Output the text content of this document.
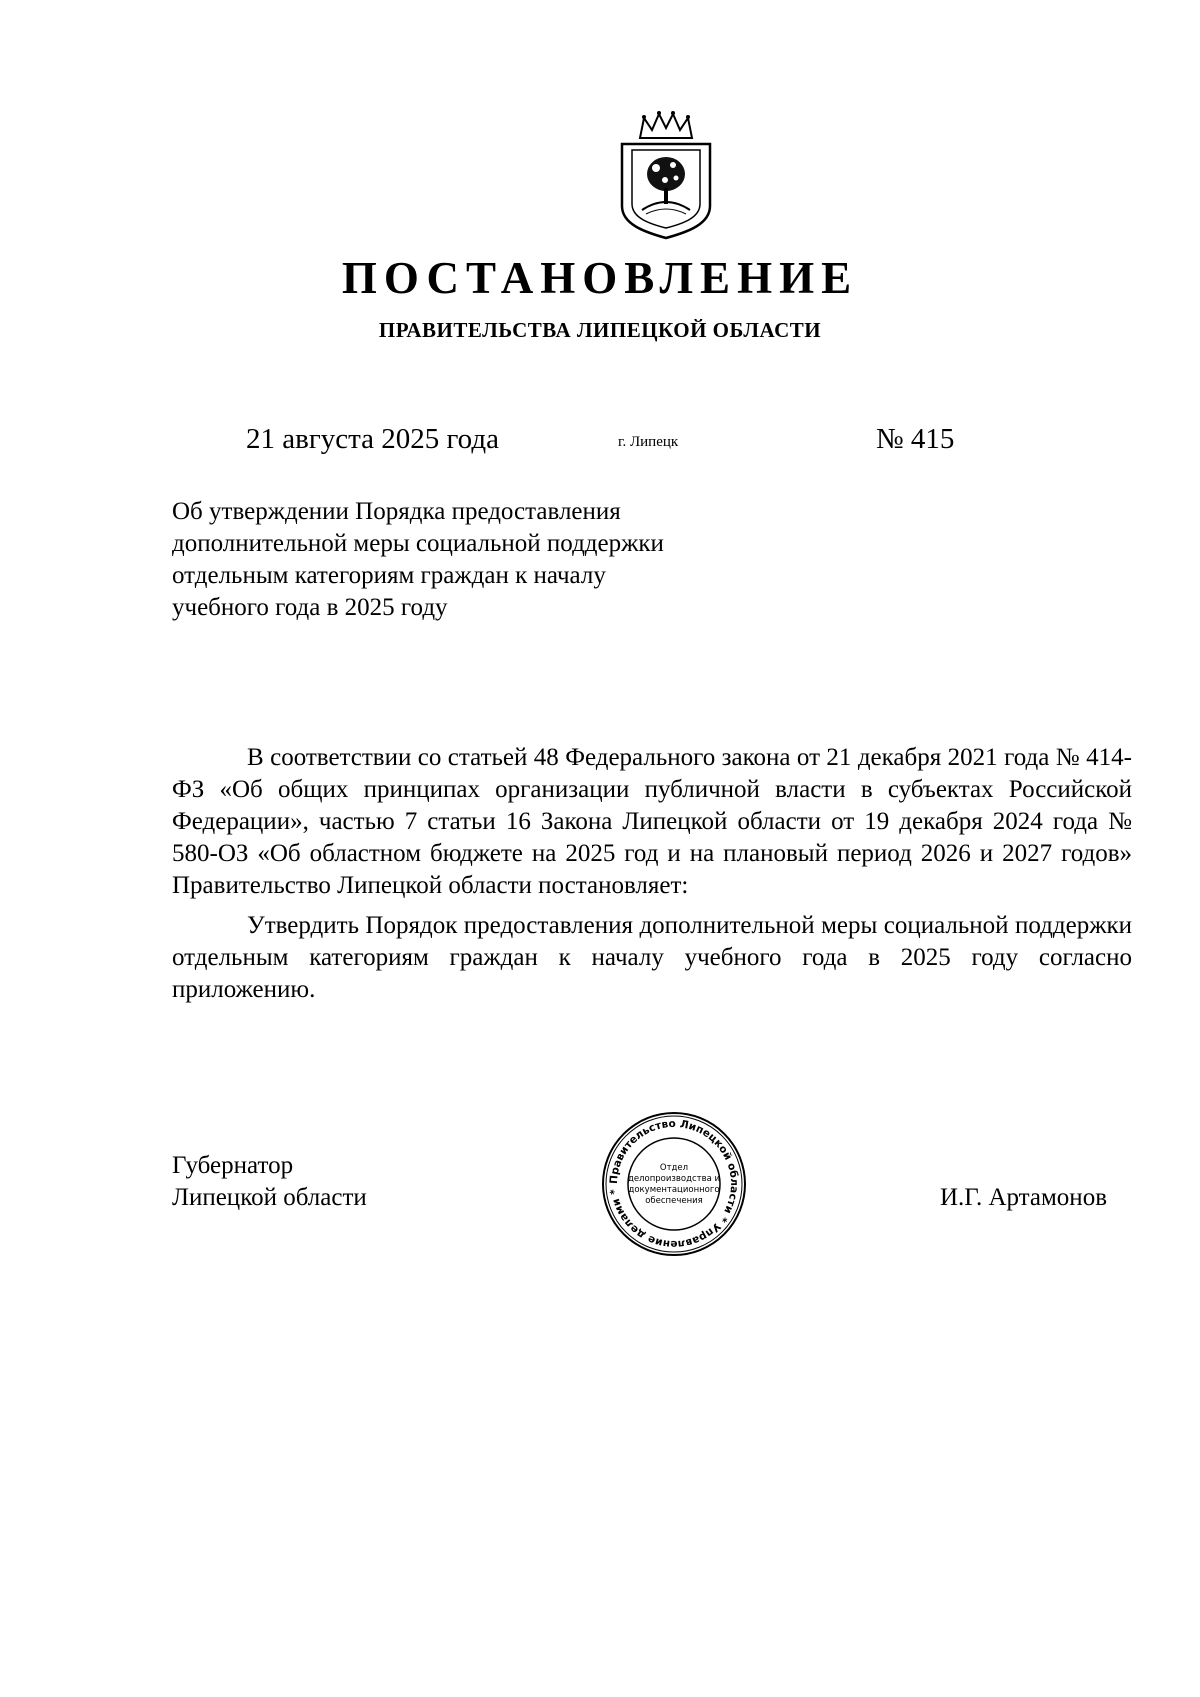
ПОСТАНОВЛЕНИЕ
ПРАВИТЕЛЬСТВА ЛИПЕЦКОЙ ОБЛАСТИ
21 августа 2025 года	г. Липецк	№ 415
Об утверждении Порядка предоставления
дополнительной меры социальной поддержки
отдельным категориям граждан к началу
учебного года в 2025 году

В соответствии со статьей 48 Федерального закона от 21 декабря 2021 года № 414-ФЗ «Об общих принципах организации публичной власти в субъектах Российской Федерации», частью 7 статьи 16 Закона Липецкой области от 19 декабря 2024 года № 580-ОЗ «Об областном бюджете на 2025 год и на плановый период 2026 и 2027 годов» Правительство Липецкой области постановляет:

Утвердить Порядок предоставления дополнительной меры социальной поддержки отдельным категориям граждан к началу учебного года в 2025 году согласно приложению.

Губернатор
Липецкой области
Правительство Липецкой области * Управление делами *
Отдел
делопроизводства и
документационного
обеспечения	И.Г. Артамонов
